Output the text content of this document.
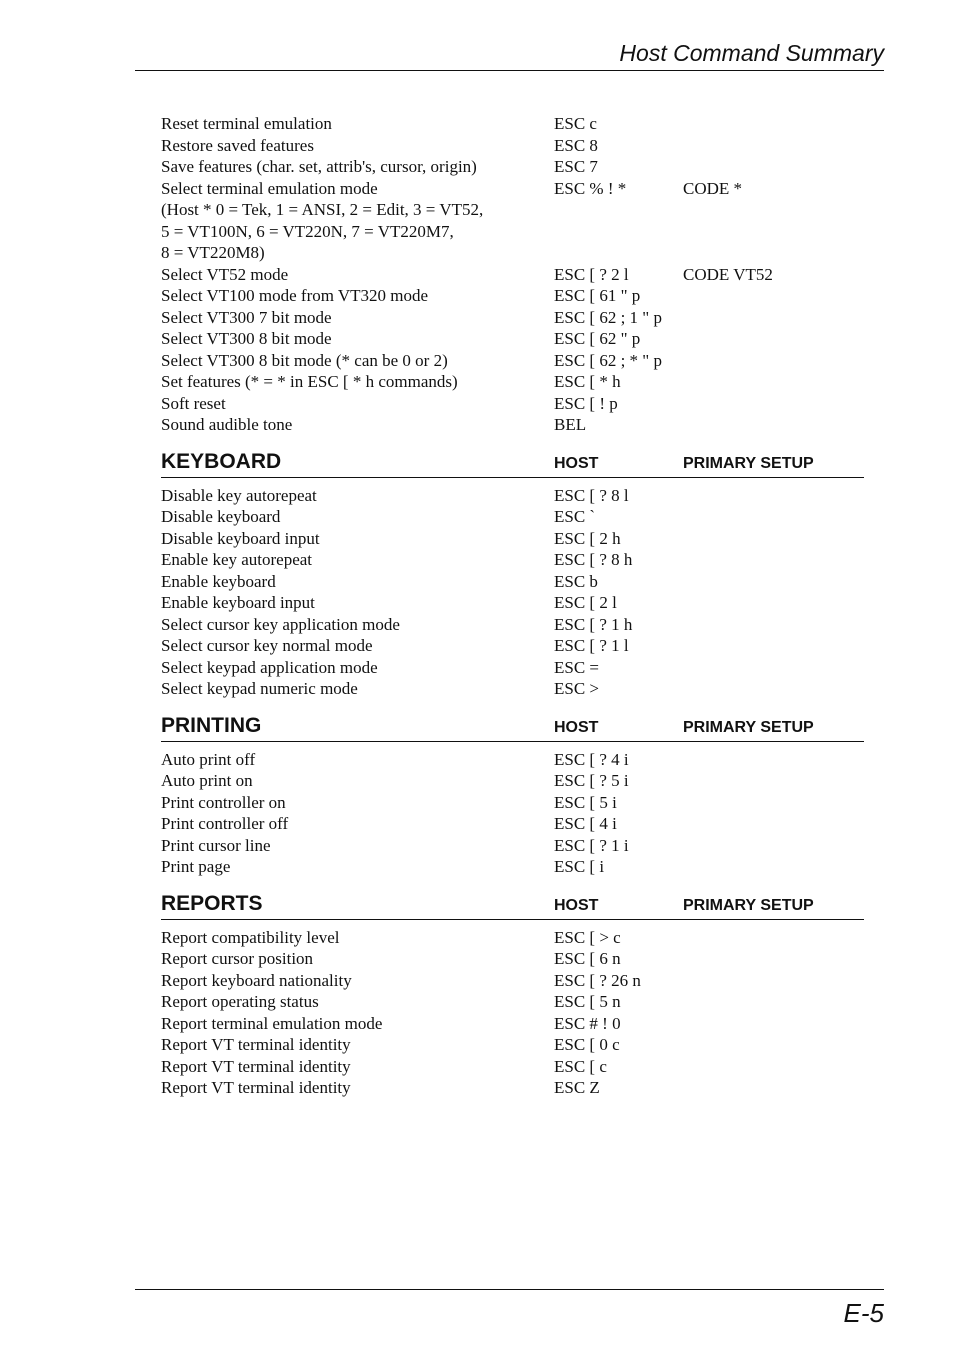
Host Command Summary
Reset terminal emulation	ESC c
Restore saved features	ESC 8
Save features (char. set, attrib's, cursor, origin)	ESC 7
Select terminal emulation mode	ESC % ! *	CODE *
(Host * 0 = Tek, 1 = ANSI, 2 = Edit, 3 = VT52,
5 = VT100N, 6 = VT220N, 7 = VT220M7,
8 = VT220M8)
Select VT52 mode	ESC [ ? 2 l	CODE VT52
Select VT100 mode from VT320 mode	ESC [ 61 " p
Select VT300 7 bit mode	ESC [ 62 ; 1 " p
Select VT300 8 bit mode	ESC [ 62 " p
Select VT300 8 bit mode (* can be 0 or 2)	ESC [ 62 ; * " p
Set features (* = * in ESC [ * h commands)	ESC [ * h
Soft reset	ESC [ ! p
Sound audible tone	BEL
KEYBOARD	HOST	PRIMARY SETUP
Disable key autorepeat	ESC [ ? 8 l
Disable keyboard	ESC `
Disable keyboard input	ESC [ 2 h
Enable key autorepeat	ESC [ ? 8 h
Enable keyboard	ESC b
Enable keyboard input	ESC [ 2 l
Select cursor key application mode	ESC [ ? 1 h
Select cursor key normal mode	ESC [ ? 1 l
Select keypad application mode	ESC =
Select keypad numeric mode	ESC >
PRINTING	HOST	PRIMARY SETUP
Auto print off	ESC [ ? 4 i
Auto print on	ESC [ ? 5 i
Print controller on	ESC [ 5 i
Print controller off	ESC [ 4 i
Print cursor line	ESC [ ? 1 i
Print page	ESC [ i
REPORTS	HOST	PRIMARY SETUP
Report compatibility level	ESC [ > c
Report cursor position	ESC [ 6 n
Report keyboard nationality	ESC [ ? 26 n
Report operating status	ESC [ 5 n
Report terminal emulation mode	ESC # ! 0
Report VT terminal identity	ESC [ 0 c
Report VT terminal identity	ESC [ c
Report VT terminal identity	ESC Z
E-5
